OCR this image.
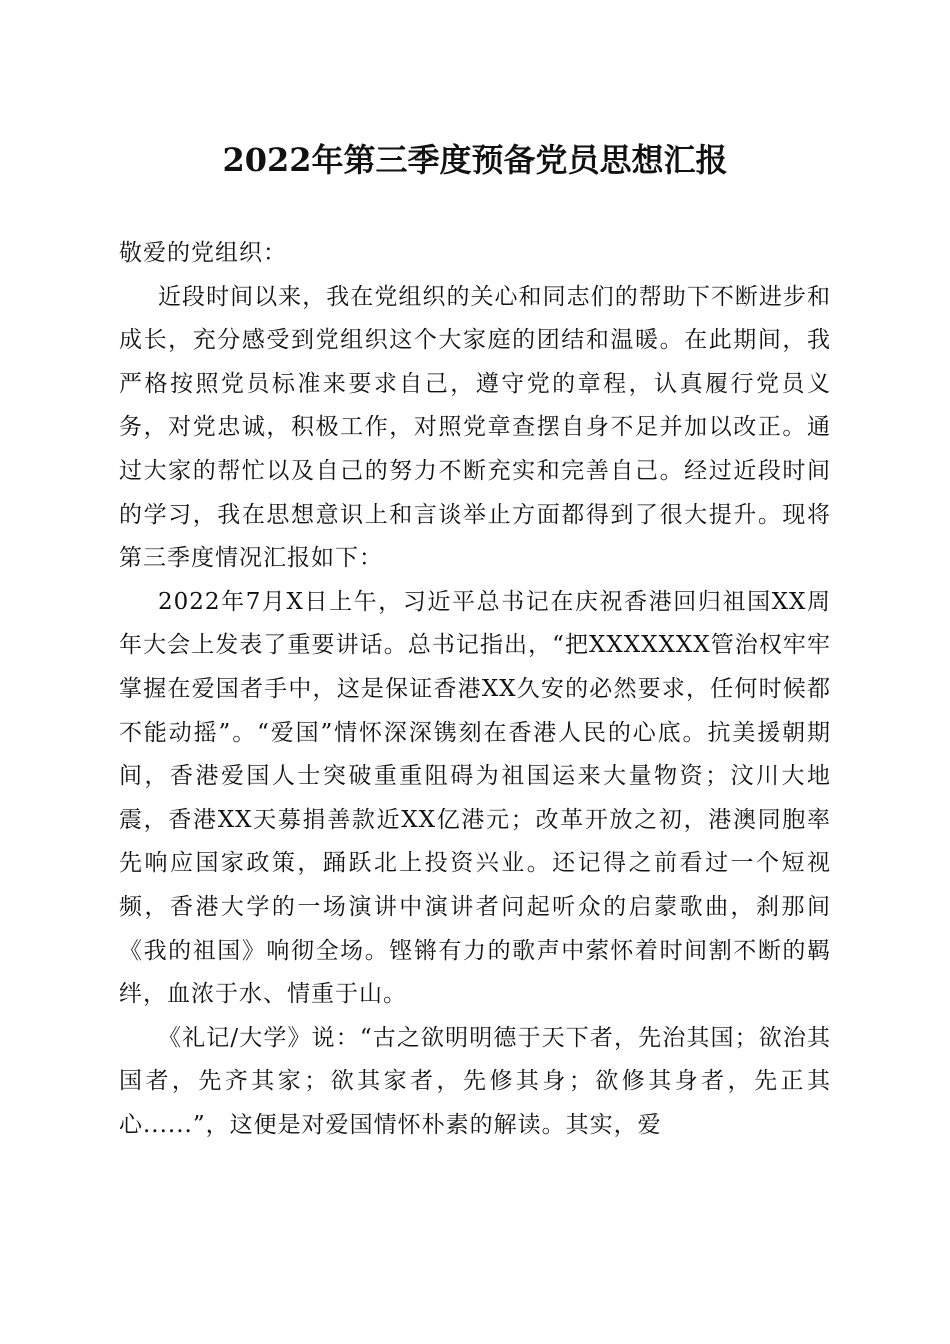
2022年第三季度预备党员思想汇报

敬爱的党组织：

近段时间以来，我在党组织的关心和同志们的帮助下不断进步和成长，充分感受到党组织这个大家庭的团结和温暖。在此期间，我严格按照党员标准来要求自己，遵守党的章程，认真履行党员义务，对党忠诚，积极工作，对照党章查摆自身不足并加以改正。通过大家的帮忙以及自己的努力不断充实和完善自己。经过近段时间的学习，我在思想意识上和言谈举止方面都得到了很大提升。现将第三季度情况汇报如下：

2022年7月X日上午，习近平总书记在庆祝香港回归祖国XX周年大会上发表了重要讲话。总书记指出，“把XXXXXXX管治权牢牢掌握在爱国者手中，这是保证香港XX久安的必然要求，任何时候都不能动摇”。“爱国”情怀深深镌刻在香港人民的心底。抗美援朝期间，香港爱国人士突破重重阻碍为祖国运来大量物资；汶川大地震，香港XX天募捐善款近XX亿港元；改革开放之初，港澳同胞率先响应国家政策，踊跃北上投资兴业。还记得之前看过一个短视频，香港大学的一场演讲中演讲者问起听众的启蒙歌曲，刹那间《我的祖国》响彻全场。铿锵有力的歌声中萦怀着时间割不断的羁绊，血浓于水、情重于山。

《礼记/大学》说：“古之欲明明德于天下者，先治其国；欲治其国者，先齐其家；欲其家者，先修其身；欲修其身者，先正其心......”，这便是对爱国情怀朴素的解读。其实，爱
